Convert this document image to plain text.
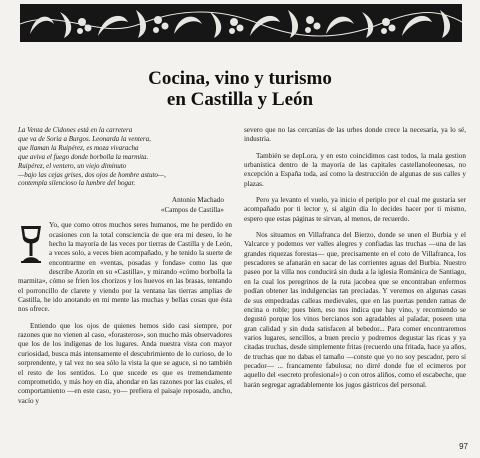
Cocina, vino y turismo
en Castilla y León
La Venta de Cidones está en la carretera
que va de Soria a Burgos. Leonarda la ventera,
que llaman la Ruipérez, es moza vivaracha
que aviva el fuego donde borbolla la marmita.
Ruipérez, el ventero, un viejo diminuto
—bajo las cejas grises, dos ojos de hombre astuto—,
contempla silencioso la lumbre del hogar.
Antonio Machado
«Campos de Castilla»

Yo, que como otros muchos seres humanos, me he perdido en ocasiones con la total consciencia de que era mi deseo, lo he hecho la mayoría de las veces por tierras de Castilla y de León, a veces solo, a veces bien acompañado, y he tenido la suerte de encontrarme en «ventas, posadas y fondas» como las que describe Azorín en su «Castilla», y mirando «cómo borbolla la marmita», cómo se fríen los chorizos y los huevos en las brasas, tentando el porroncillo de clarete y viendo por la ventana las tierras amplias de Castilla, he ido anotando en mi mente las muchas y bellas cosas que ésta nos ofrece.

Entiendo que los ojos de quienes hemos sido casi siempre, por razones que no vienen al caso, «forasteros», son mucho más observadores que los de los indígenas de los lugares. Anda nuestra vista con mayor curiosidad, busca más intensamente el descubrimiento de lo curioso, de lo sorprendente, y tal vez no sea sólo la vista la que se aguce, si no también el resto de los sentidos. Lo que sucede es que es tremendamente comprometido, y más hoy en día, ahondar en las razones por las cuales, el comportamiento —en este caso, yo— prefiera el paisaje reposado, ancho, vacío y

severo que no las cercanías de las urbes donde crece la necesaria, ya lo sé, industria.

También se depLora, y en esto coincidimos cast todos, la mala gestion urbanística dentro de la mayoría de las capitales castellanoleonesas, no excepción a España toda, así como la destrucción de algunas de sus calles y plazas.

Pero ya levanto el vuelo, ya inicio el periplo por el cual me gustaría ser acompañado por ti lector y, si algún día lo decides hacer por ti mismo, espero que estas páginas te sirvan, al menos, de recuerdo.

Nos situamos en Villafranca del Bierzo, donde se unen el Burbia y el Valcarce y podemos ver valles alegres y confiadas las truchas —una de las grandes riquezas forestas— que, precisamente en el coto de Villafranca, los pescadores se afanarán en sacar de las corrientes aguas del Burbia. Nuestro paseo por la villa nos conducirá sin duda a la iglesia Románica de Santiago, en la cual los peregrinos de la ruta jacobea que se encontraban enfermos podían obtener las indulgencias tan preciadas. Y veremos en algunas casas de sus empedradas calleas medievales, que en las puertas penden ramas de encina o roble; pues bien, eso nos indica que hay vino, y recomiendo se degustó porque los vinos bercianos son agradables al paladar, poseen una gran calidad y sin duda satisfacen al bebedor... Para comer encontraremos varios lugares, sencillos, a buen precio y podremos degustar las ricas y ya citadas truchas, desde simplemente fritas (recuerdo una fritada, hace ya años, de truchas que no dabas el tamaño —conste que yo no soy pescador, pero sí pecador— ... francamente fabulosa; no dirré donde fue el ecimeros por aquello del «secreto profesional») o con otros aliños, como el escabeche, que harán segregar agradablemente los jugos gástricos del personal.

97
